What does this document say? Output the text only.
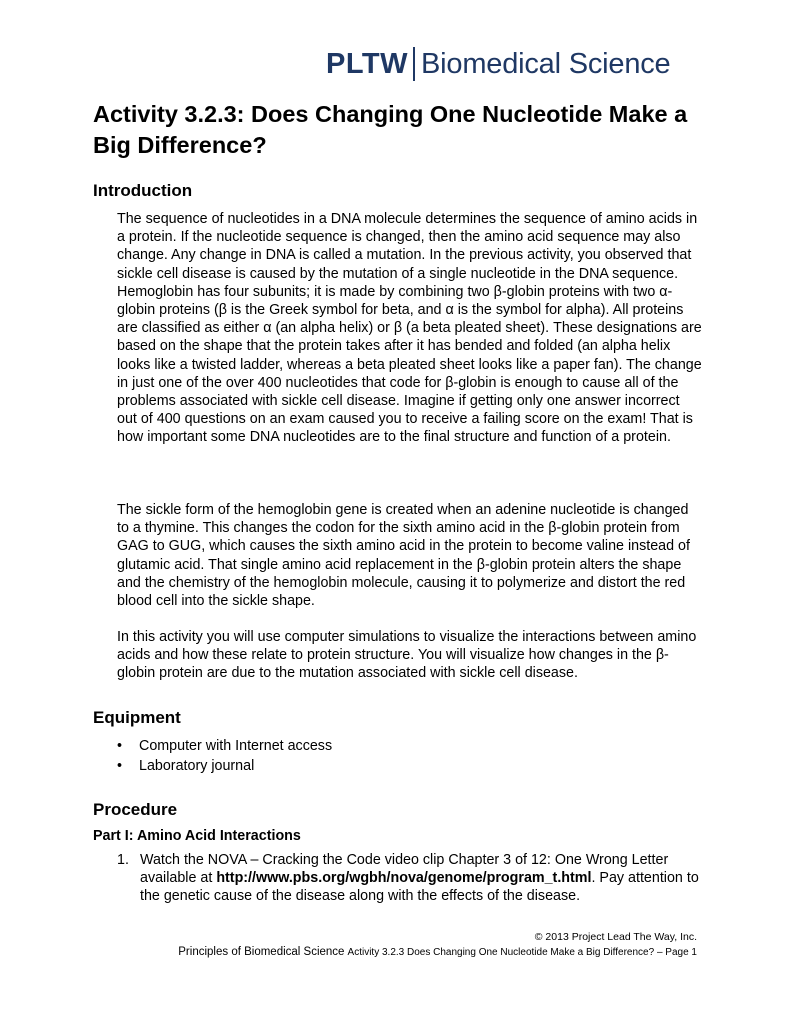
PLTW Biomedical Science
Activity 3.2.3: Does Changing One Nucleotide Make a Big Difference?
Introduction

The sequence of nucleotides in a DNA molecule determines the sequence of amino acids in a protein. If the nucleotide sequence is changed, then the amino acid sequence may also change. Any change in DNA is called a mutation. In the previous activity, you observed that sickle cell disease is caused by the mutation of a single nucleotide in the DNA sequence. Hemoglobin has four subunits; it is made by combining two β-globin proteins with two α-globin proteins (β is the Greek symbol for beta, and α is the symbol for alpha). All proteins are classified as either α (an alpha helix) or β (a beta pleated sheet). These designations are based on the shape that the protein takes after it has bended and folded (an alpha helix looks like a twisted ladder, whereas a beta pleated sheet looks like a paper fan). The change in just one of the over 400 nucleotides that code for β-globin is enough to cause all of the problems associated with sickle cell disease. Imagine if getting only one answer incorrect out of 400 questions on an exam caused you to receive a failing score on the exam! That is how important some DNA nucleotides are to the final structure and function of a protein.

The sickle form of the hemoglobin gene is created when an adenine nucleotide is changed to a thymine. This changes the codon for the sixth amino acid in the β-globin protein from GAG to GUG, which causes the sixth amino acid in the protein to become valine instead of glutamic acid. That single amino acid replacement in the β-globin protein alters the shape and the chemistry of the hemoglobin molecule, causing it to polymerize and distort the red blood cell into the sickle shape.

In this activity you will use computer simulations to visualize the interactions between amino acids and how these relate to protein structure. You will visualize how changes in the β-globin protein are due to the mutation associated with sickle cell disease.

Equipment
• Computer with Internet access
• Laboratory journal
Procedure
Part I: Amino Acid Interactions
1. Watch the NOVA – Cracking the Code video clip Chapter 3 of 12: One Wrong Letter available at http://www.pbs.org/wgbh/nova/genome/program_t.html. Pay attention to the genetic cause of the disease along with the effects of the disease.
© 2013 Project Lead The Way, Inc.
Principles of Biomedical Science Activity 3.2.3 Does Changing One Nucleotide Make a Big Difference? – Page 1
